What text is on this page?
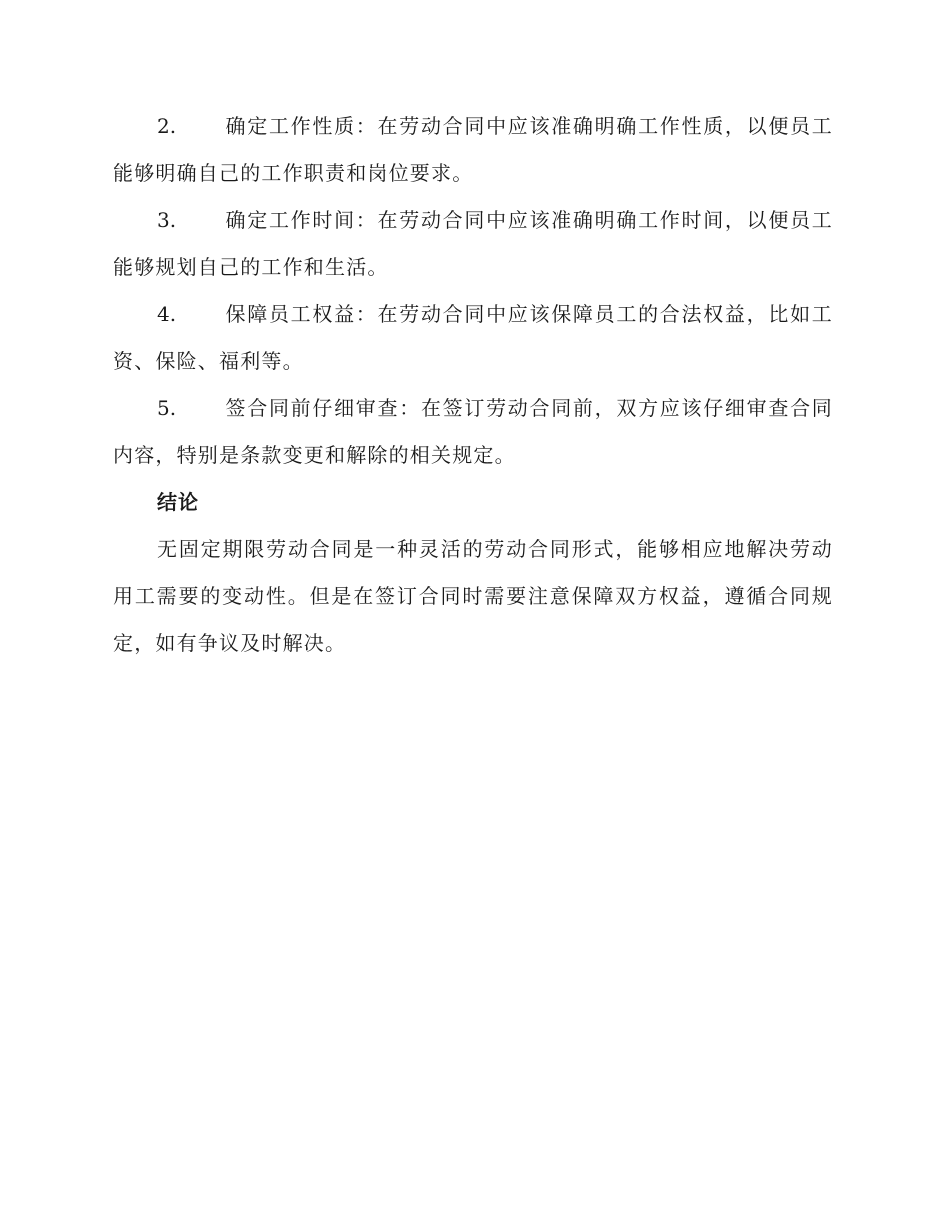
2. 确定工作性质：在劳动合同中应该准确明确工作性质，以便员工能够明确自己的工作职责和岗位要求。

3. 确定工作时间：在劳动合同中应该准确明确工作时间，以便员工能够规划自己的工作和生活。

4. 保障员工权益：在劳动合同中应该保障员工的合法权益，比如工资、保险、福利等。

5. 签合同前仔细审查：在签订劳动合同前，双方应该仔细审查合同内容，特别是条款变更和解除的相关规定。

结论

无固定期限劳动合同是一种灵活的劳动合同形式，能够相应地解决劳动用工需要的变动性。但是在签订合同时需要注意保障双方权益，遵循合同规定，如有争议及时解决。
